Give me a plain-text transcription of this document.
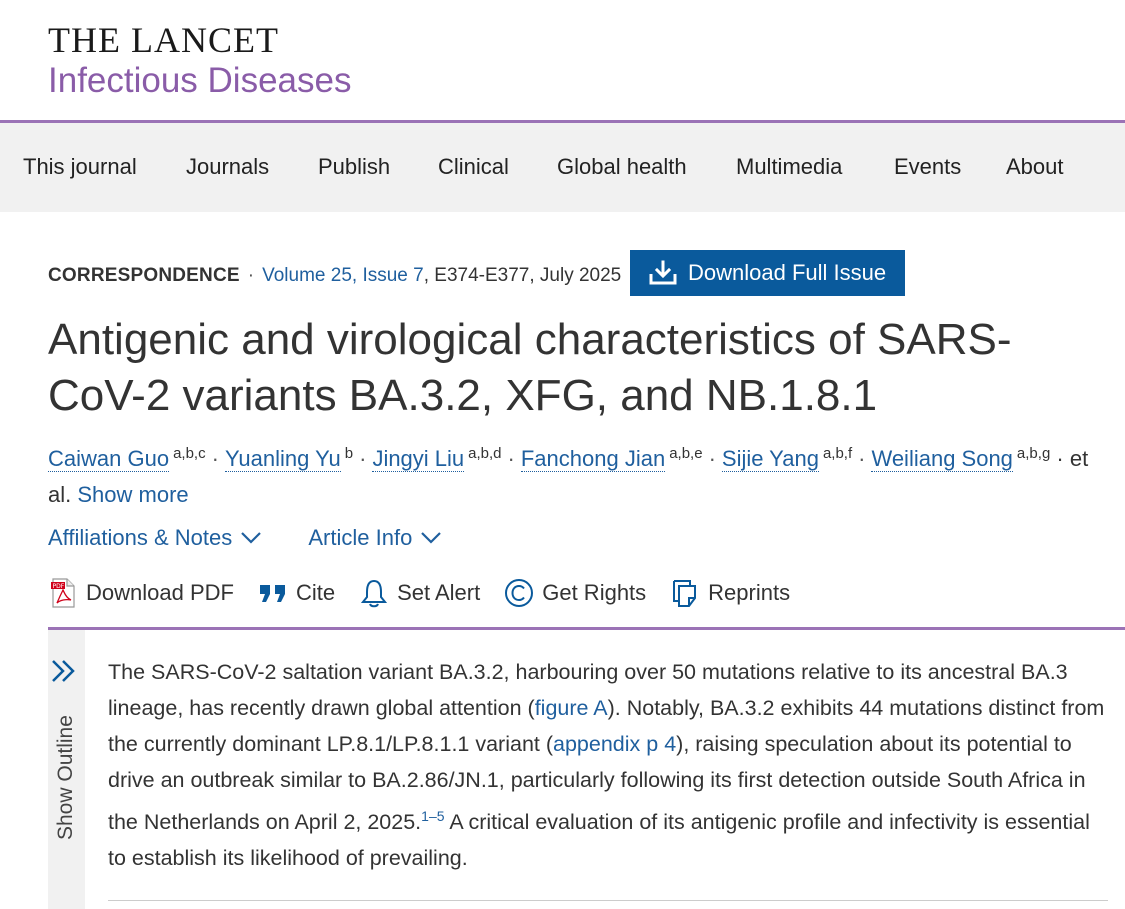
THE LANCET
Infectious Diseases
This journal Journals Publish Clinical Global health Multimedia Events About
CORRESPONDENCE · Volume 25, Issue 7, E374-E377, July 2025	Download Full Issue
Antigenic and virological characteristics of SARS-CoV-2 variants BA.3.2, XFG, and NB.1.8.1
Caiwan Guo $^{a,b,c}$ · Yuanling Yu $^b$ · Jingyi Liu $^{a,b,d}$ · Fanchong Jian $^{a,b,e}$ · Sijie Yang $^{a,b,f}$ · Weiliang Song $^{a,b,g}$ · et al. Show more
Affiliations & Notes
	Article Info
PDF Download PDF	Cite	Set Alert	Get Rights	Reprints
Show Outline
The SARS-CoV-2 saltation variant BA.3.2, harbouring over 50 mutations relative to its ancestral BA.3 lineage, has recently drawn global attention (figure A). Notably, BA.3.2 exhibits 44 mutations distinct from the currently dominant LP.8.1/LP.8.1.1 variant (appendix p 4), raising speculation about its potential to drive an outbreak similar to BA.2.86/JN.1, particularly following its first detection outside South Africa in the Netherlands on April 2, 2025.$^{1-5}$ A critical evaluation of its antigenic profile and infectivity is essential to establish its likelihood of prevailing.
